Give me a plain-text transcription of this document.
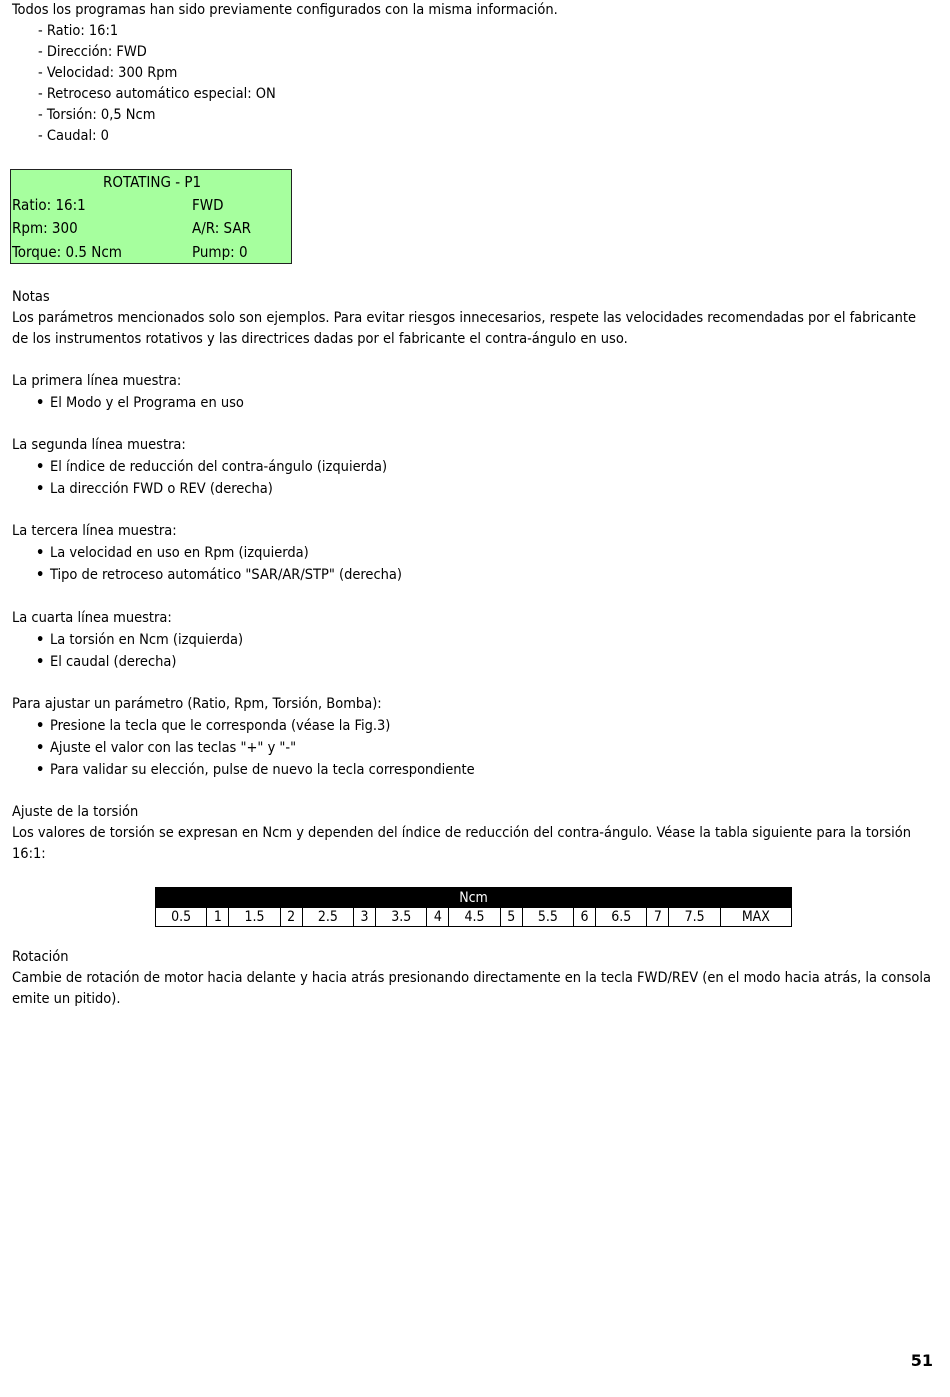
Todos los programas han sido previamente configurados con la misma información.

- Ratio: 16:1
- Dirección: FWD
- Velocidad: 300 Rpm
- Retroceso automático especial: ON
- Torsión: 0,5 Ncm
- Caudal: 0
ROTATING - P1
Ratio: 16:1	FWD
Rpm: 300	A/R: SAR
Torque: 0.5 Ncm	Pump: 0

Notas

Los parámetros mencionados solo son ejemplos. Para evitar riesgos innecesarios, respete las velocidades recomendadas por el fabricante de los instrumentos rotativos y las directrices dadas por el fabricante el contra-ángulo en uso.

La primera línea muestra:

• El Modo y el Programa en uso

La segunda línea muestra:

• El índice de reducción del contra-ángulo (izquierda)
• La dirección FWD o REV (derecha)

La tercera línea muestra:

• La velocidad en uso en Rpm (izquierda)
• Tipo de retroceso automático "SAR/AR/STP" (derecha)

La cuarta línea muestra:

• La torsión en Ncm (izquierda)
• El caudal (derecha)

Para ajustar un parámetro (Ratio, Rpm, Torsión, Bomba):

• Presione la tecla que le corresponda (véase la Fig.3)
• Ajuste el valor con las teclas "+" y "-"
• Para validar su elección, pulse de nuevo la tecla correspondiente

Ajuste de la torsión

Los valores de torsión se expresan en Ncm y dependen del índice de reducción del contra-ángulo. Véase la tabla siguiente para la torsión 16:1:

Ncm
0.5	1	1.5	2	2.5	3	3.5	4	4.5	5	5.5	6	6.5	7	7.5	MAX

Rotación

Cambie de rotación de motor hacia delante y hacia atrás presionando directamente en la tecla FWD/REV (en el modo hacia atrás, la consola emite un pitido).

51
